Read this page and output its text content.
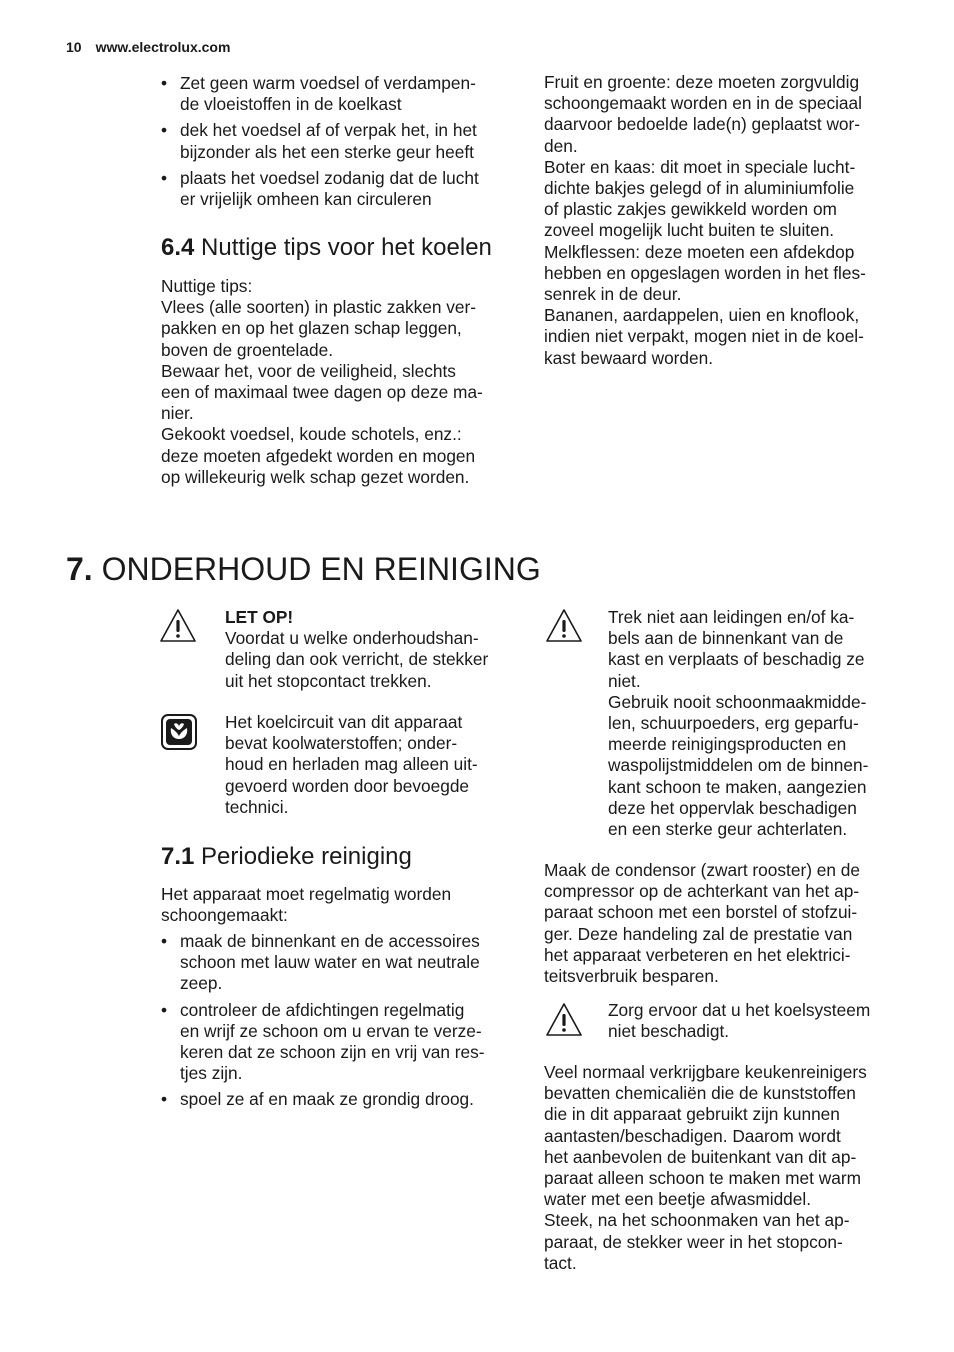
10 www.electrolux.com
• Zet geen warm voedsel of verdampen-
de vloeistoffen in de koelkast
• dek het voedsel af of verpak het, in het
bijzonder als het een sterke geur heeft
• plaats het voedsel zodanig dat de lucht
er vrijelijk omheen kan circuleren
6.4 Nuttige tips voor het koelen
Nuttige tips:
Vlees (alle soorten) in plastic zakken ver-
pakken en op het glazen schap leggen,
boven de groentelade.
Bewaar het, voor de veiligheid, slechts
een of maximaal twee dagen op deze ma-
nier.
Gekookt voedsel, koude schotels, enz.:
deze moeten afgedekt worden en mogen
op willekeurig welk schap gezet worden.
Fruit en groente: deze moeten zorgvuldig
schoongemaakt worden en in de speciaal
daarvoor bedoelde lade(n) geplaatst wor-
den.
Boter en kaas: dit moet in speciale lucht-
dichte bakjes gelegd of in aluminiumfolie
of plastic zakjes gewikkeld worden om
zoveel mogelijk lucht buiten te sluiten.
Melkflessen: deze moeten een afdekdop
hebben en opgeslagen worden in het fles-
senrek in de deur.
Bananen, aardappelen, uien en knoflook,
indien niet verpakt, mogen niet in de koel-
kast bewaard worden.
7. ONDERHOUD EN REINIGING
LET OP!
Voordat u welke onderhoudshan-
deling dan ook verricht, de stekker
uit het stopcontact trekken.
Het koelcircuit van dit apparaat
bevat koolwaterstoffen; onder-
houd en herladen mag alleen uit-
gevoerd worden door bevoegde
technici.
7.1 Periodieke reiniging
Het apparaat moet regelmatig worden
schoongemaakt:
• maak de binnenkant en de accessoires
schoon met lauw water en wat neutrale
zeep.
• controleer de afdichtingen regelmatig
en wrijf ze schoon om u ervan te verze-
keren dat ze schoon zijn en vrij van res-
tjes zijn.
• spoel ze af en maak ze grondig droog.
Trek niet aan leidingen en/of ka-
bels aan de binnenkant van de
kast en verplaats of beschadig ze
niet.
Gebruik nooit schoonmaakmidde-
len, schuurpoeders, erg geparfu-
meerde reinigingsproducten en
waspolijstmiddelen om de binnen-
kant schoon te maken, aangezien
deze het oppervlak beschadigen
en een sterke geur achterlaten.
Maak de condensor (zwart rooster) en de
compressor op de achterkant van het ap-
paraat schoon met een borstel of stofzui-
ger. Deze handeling zal de prestatie van
het apparaat verbeteren en het elektrici-
teitsverbruik besparen.
Zorg ervoor dat u het koelsysteem
niet beschadigt.
Veel normaal verkrijgbare keukenreinigers
bevatten chemicaliën die de kunststoffen
die in dit apparaat gebruikt zijn kunnen
aantasten/beschadigen. Daarom wordt
het aanbevolen de buitenkant van dit ap-
paraat alleen schoon te maken met warm
water met een beetje afwasmiddel.
Steek, na het schoonmaken van het ap-
paraat, de stekker weer in het stopcon-
tact.
